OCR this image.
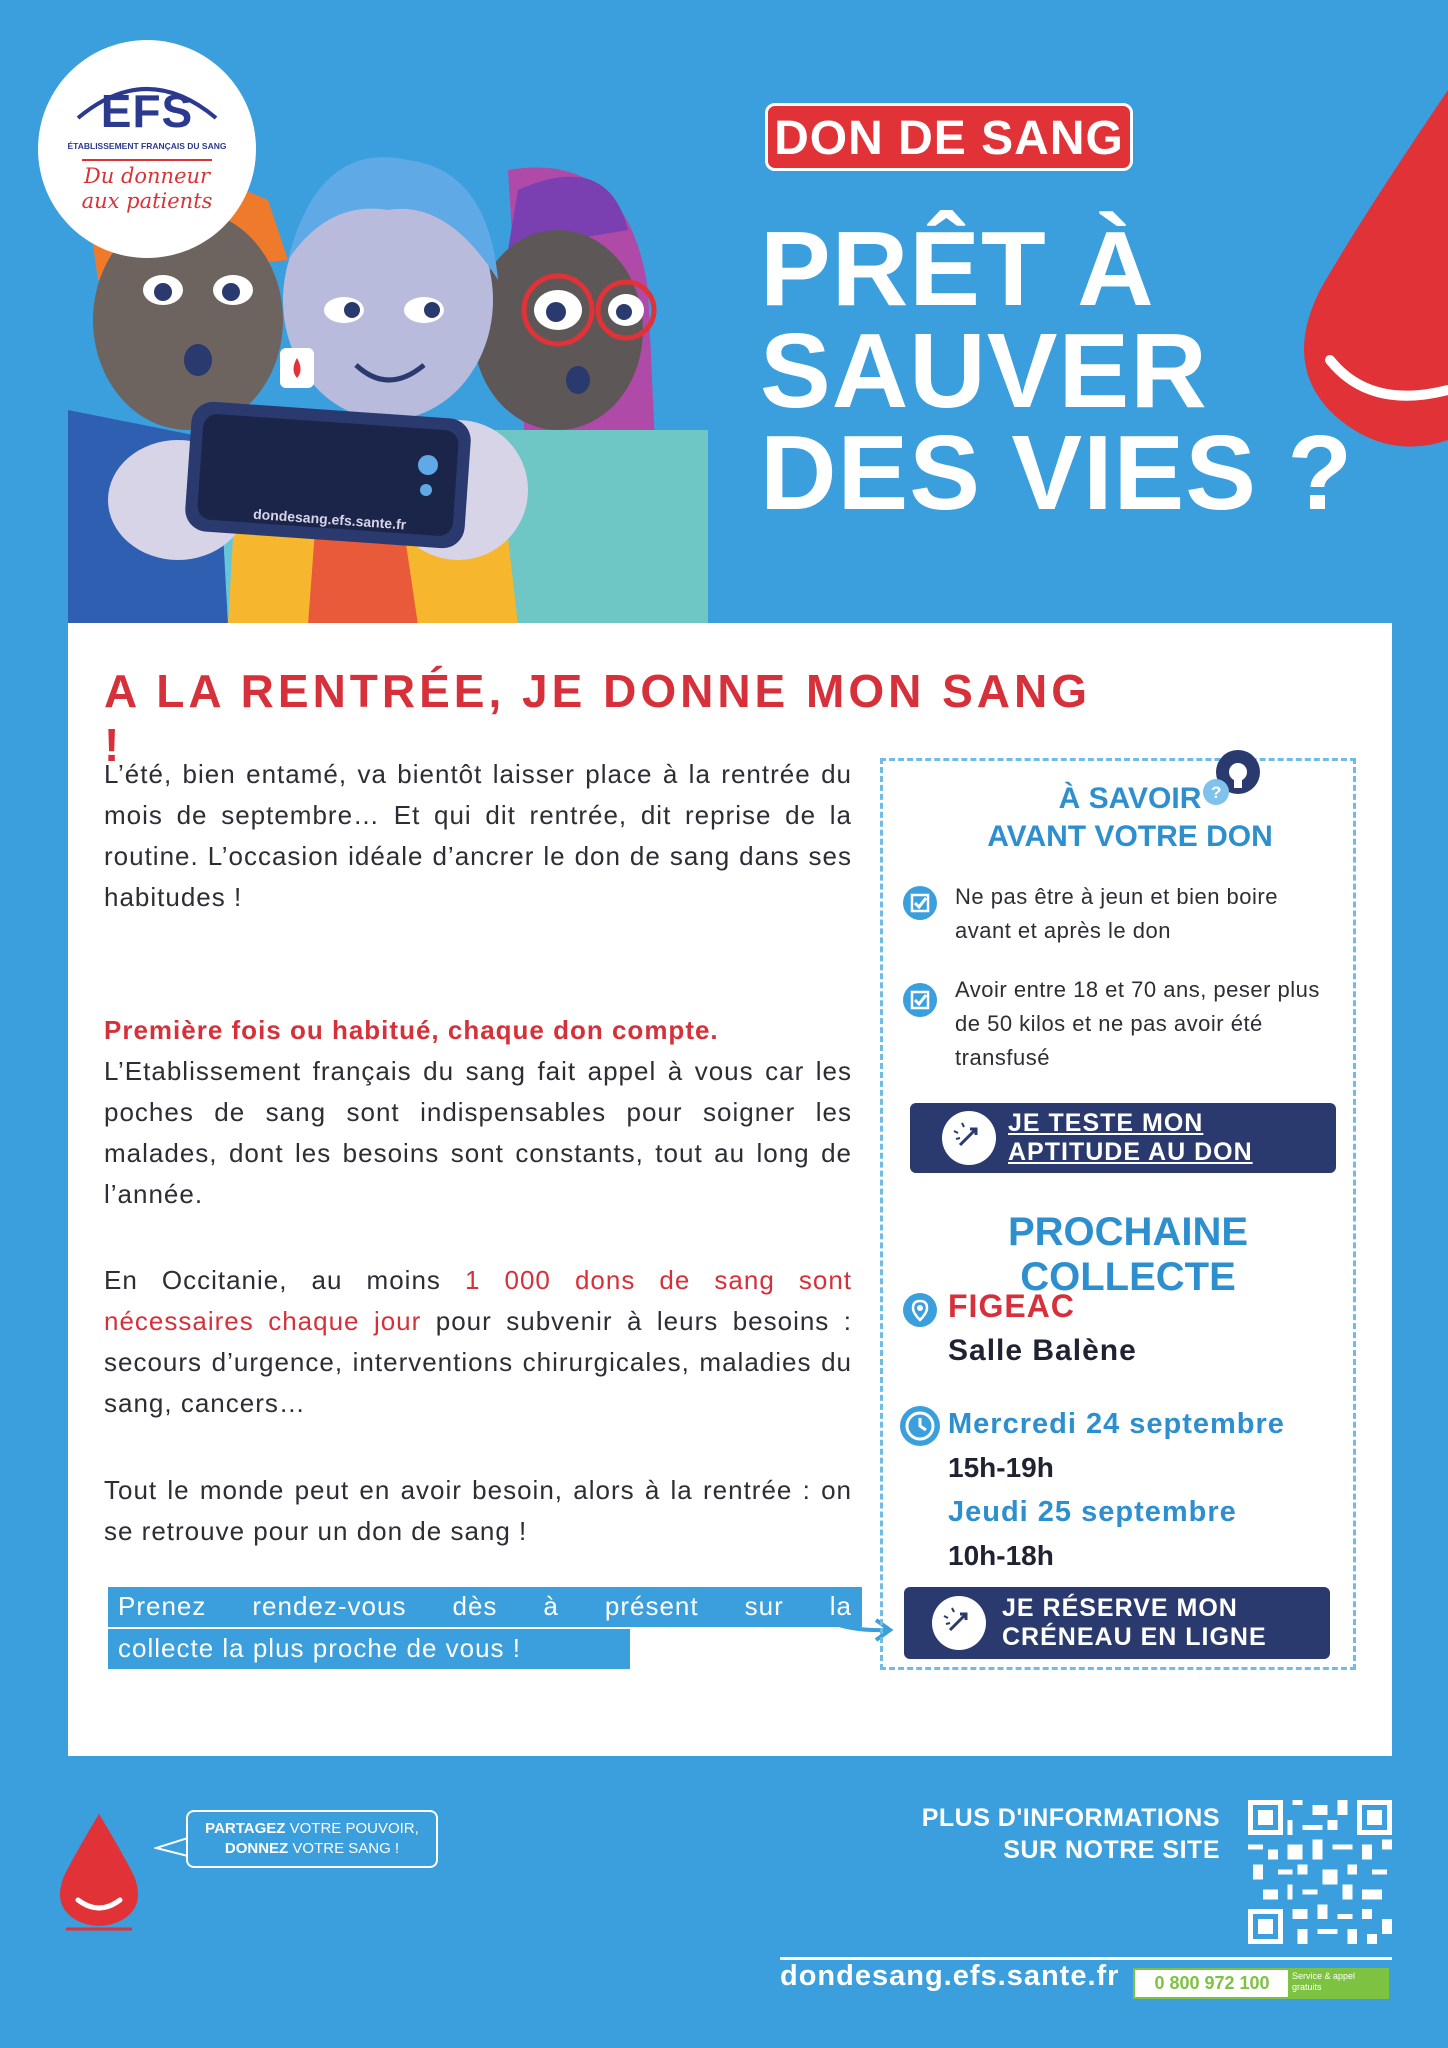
dondesang.efs.sante.fr
EFS
ÉTABLISSEMENT FRANÇAIS DU SANG
Du donneur
aux patients
DON DE SANG
PRÊT À
SAUVER
DES VIES ?
A LA RENTRÉE, JE DONNE MON SANG !
L’été, bien entamé, va bientôt laisser place à la rentrée du mois de septembre… Et qui dit rentrée, dit reprise de la routine. L’occasion idéale d’ancrer le don de sang dans ses habitudes !
Première fois ou habitué, chaque don compte.
L’Etablissement français du sang fait appel à vous car les poches de sang sont indispensables pour soigner les malades, dont les besoins sont constants, tout au long de l’année.
En Occitanie, au moins 1 000 dons de sang sont nécessaires chaque jour pour subvenir à leurs besoins : secours d’urgence, interventions chirurgicales, maladies du sang, cancers…
Tout le monde peut en avoir besoin, alors à la rentrée : on se retrouve pour un don de sang !
Prenez rendez-vous dès à présent sur la
collecte la plus proche de vous !
?
À SAVOIR
AVANT VOTRE DON
Ne pas être à jeun et bien boire avant et après le don
Avoir entre 18 et 70 ans, peser plus de 50 kilos et ne pas avoir été transfusé
JE TESTE MON
APTITUDE AU DON
PROCHAINE COLLECTE
FIGEAC
Salle Balène
Mercredi 24 septembre
15h-19h
Jeudi 25 septembre
10h-18h
JE RÉSERVE MON
CRÉNEAU EN LIGNE
PARTAGEZ VOTRE POUVOIR,
DONNEZ VOTRE SANG !
PLUS D'INFORMATIONS
SUR NOTRE SITE
dondesang.efs.sante.fr	0 800 972 100	Service & appel
gratuits
